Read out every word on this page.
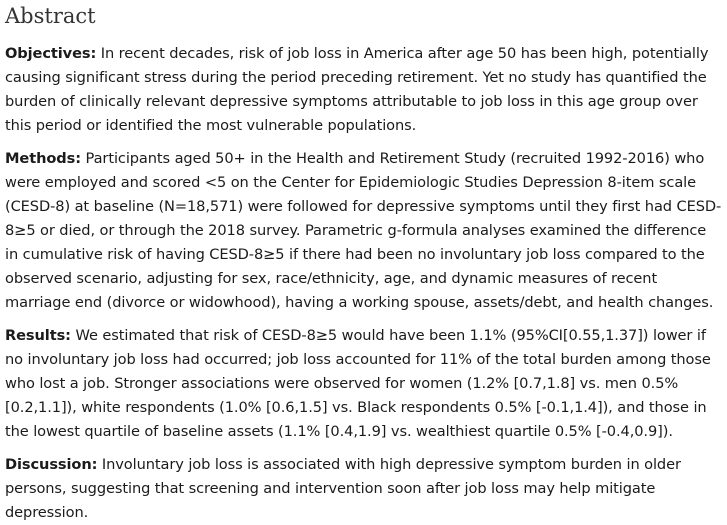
Abstract

Objectives: In recent decades, risk of job loss in America after age 50 has been high, potentially causing significant stress during the period preceding retirement. Yet no study has quantified the burden of clinically relevant depressive symptoms attributable to job loss in this age group over this period or identified the most vulnerable populations.

Methods: Participants aged 50+ in the Health and Retirement Study (recruited 1992-2016) who were employed and scored <5 on the Center for Epidemiologic Studies Depression 8-item scale (CESD-8) at baseline (N=18,571) were followed for depressive symptoms until they first had CESD-8≥5 or died, or through the 2018 survey. Parametric g-formula analyses examined the difference in cumulative risk of having CESD-8≥5 if there had been no involuntary job loss compared to the observed scenario, adjusting for sex, race/ethnicity, age, and dynamic measures of recent marriage end (divorce or widowhood), having a working spouse, assets/debt, and health changes.

Results: We estimated that risk of CESD-8≥5 would have been 1.1% (95%CI[0.55,1.37]) lower if no involuntary job loss had occurred; job loss accounted for 11% of the total burden among those who lost a job. Stronger associations were observed for women (1.2% [0.7,1.8] vs. men 0.5% [0.2,1.1]), white respondents (1.0% [0.6,1.5] vs. Black respondents 0.5% [-0.1,1.4]), and those in the lowest quartile of baseline assets (1.1% [0.4,1.9] vs. wealthiest quartile 0.5% [-0.4,0.9]).

Discussion: Involuntary job loss is associated with high depressive symptom burden in older persons, suggesting that screening and intervention soon after job loss may help mitigate depression.
